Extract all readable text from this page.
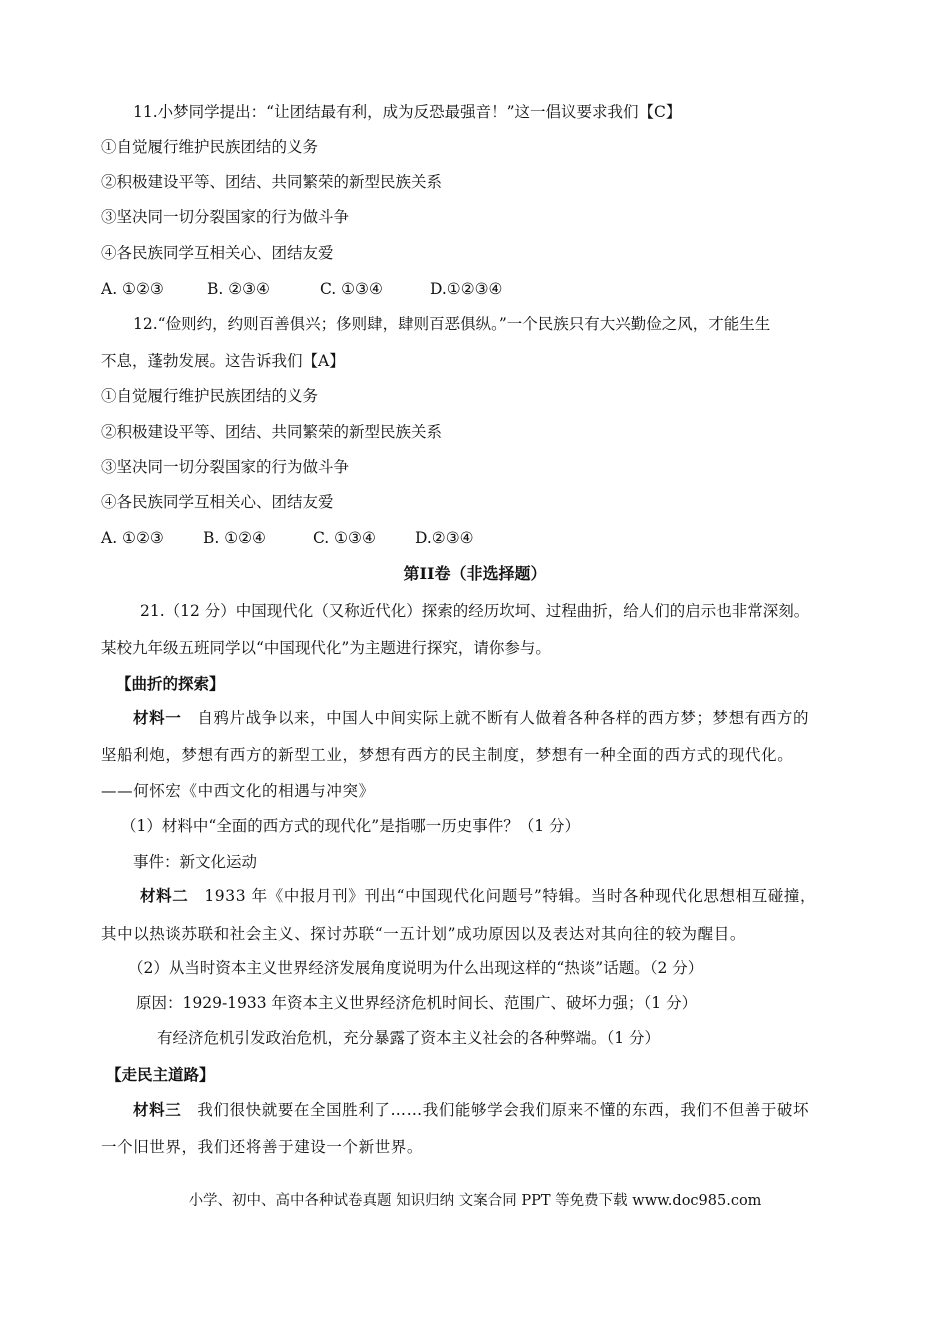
11.小梦同学提出：“让团结最有利，成为反恐最强音！”这一倡议要求我们【C】
①自觉履行维护民族团结的义务
②积极建设平等、团结、共同繁荣的新型民族关系
③坚决同一切分裂国家的行为做斗争
④各民族同学互相关心、团结友爱
A. ①②③	B. ②③④	C. ①③④	D.①②③④
12.“俭则约，约则百善俱兴；侈则肆，肆则百恶俱纵。”一个民族只有大兴勤俭之风，才能生生
不息，蓬勃发展。这告诉我们【A】
①自觉履行维护民族团结的义务
②积极建设平等、团结、共同繁荣的新型民族关系
③坚决同一切分裂国家的行为做斗争
④各民族同学互相关心、团结友爱
A. ①②③	B. ①②④	C. ①③④	D.②③④
第II卷（非选择题）
21.（12 分）中国现代化（又称近代化）探索的经历坎坷、过程曲折，给人们的启示也非常深刻。
某校九年级五班同学以“中国现代化”为主题进行探究，请你参与。
【曲折的探索】
材料一 自鸦片战争以来，中国人中间实际上就不断有人做着各种各样的西方梦；梦想有西方的
坚船利炮，梦想有西方的新型工业，梦想有西方的民主制度，梦想有一种全面的西方式的现代化。
——何怀宏《中西文化的相遇与冲突》
（1）材料中“全面的西方式的现代化”是指哪一历史事件？（1 分）
事件：新文化运动
材料二 1933 年《中报月刊》刊出“中国现代化问题号”特辑。当时各种现代化思想相互碰撞，
其中以热谈苏联和社会主义、探讨苏联“一五计划”成功原因以及表达对其向往的较为醒目。
（2）从当时资本主义世界经济发展角度说明为什么出现这样的“热谈”话题。（2 分）
原因：1929-1933 年资本主义世界经济危机时间长、范围广、破坏力强；（1 分）
有经济危机引发政治危机，充分暴露了资本主义社会的各种弊端。（1 分）
【走民主道路】
材料三 我们很快就要在全国胜利了……我们能够学会我们原来不懂的东西，我们不但善于破坏
一个旧世界，我们还将善于建设一个新世界。
小学、初中、高中各种试卷真题 知识归纳 文案合同 PPT 等免费下载 www.doc985.com
